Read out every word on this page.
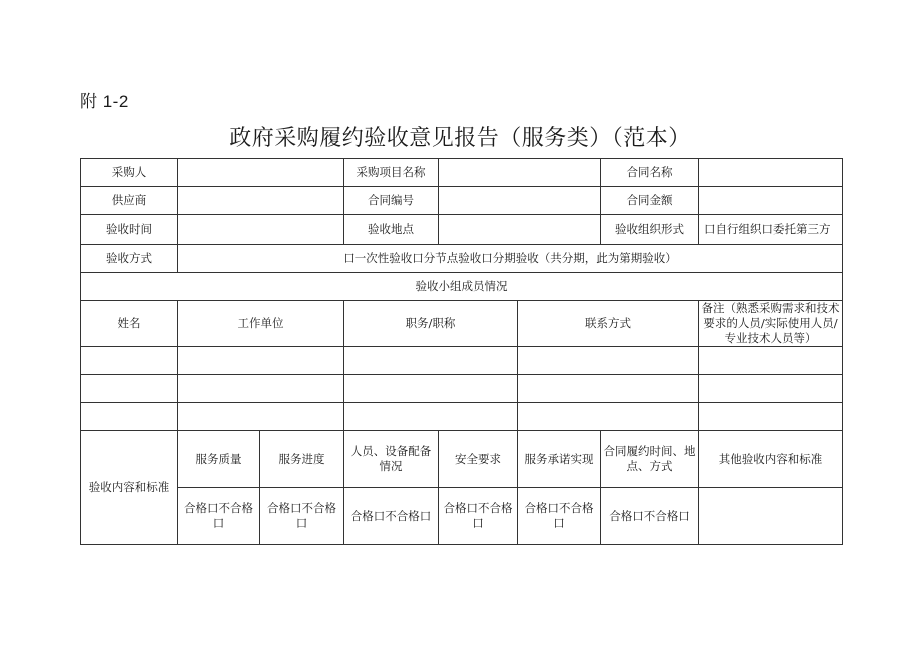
附 1-2
政府采购履约验收意见报告（服务类）（范本）
采购人			采购项目名称			合同名称	
供应商			合同编号			合同金额	
验收时间			验收地点			验收组织形式	口自行组织口委托第三方
验收方式	口一次性验收口分节点验收口分期验收（共分期，此为第期验收）						
验收小组成员情况							
姓名	工作单位		职务/职称		联系方式		备注（熟悉采购需求和技术要求的人员/实际使用人员/专业技术人员等）

验收内容和标准	服务质量	服务进度	人员、设备配备情况	安全要求	服务承诺实现	合同履约时间、地点、方式	其他验收内容和标准
	合格口不合格口	合格口不合格口	合格口不合格口	合格口不合格口	合格口不合格口	合格口不合格口	
